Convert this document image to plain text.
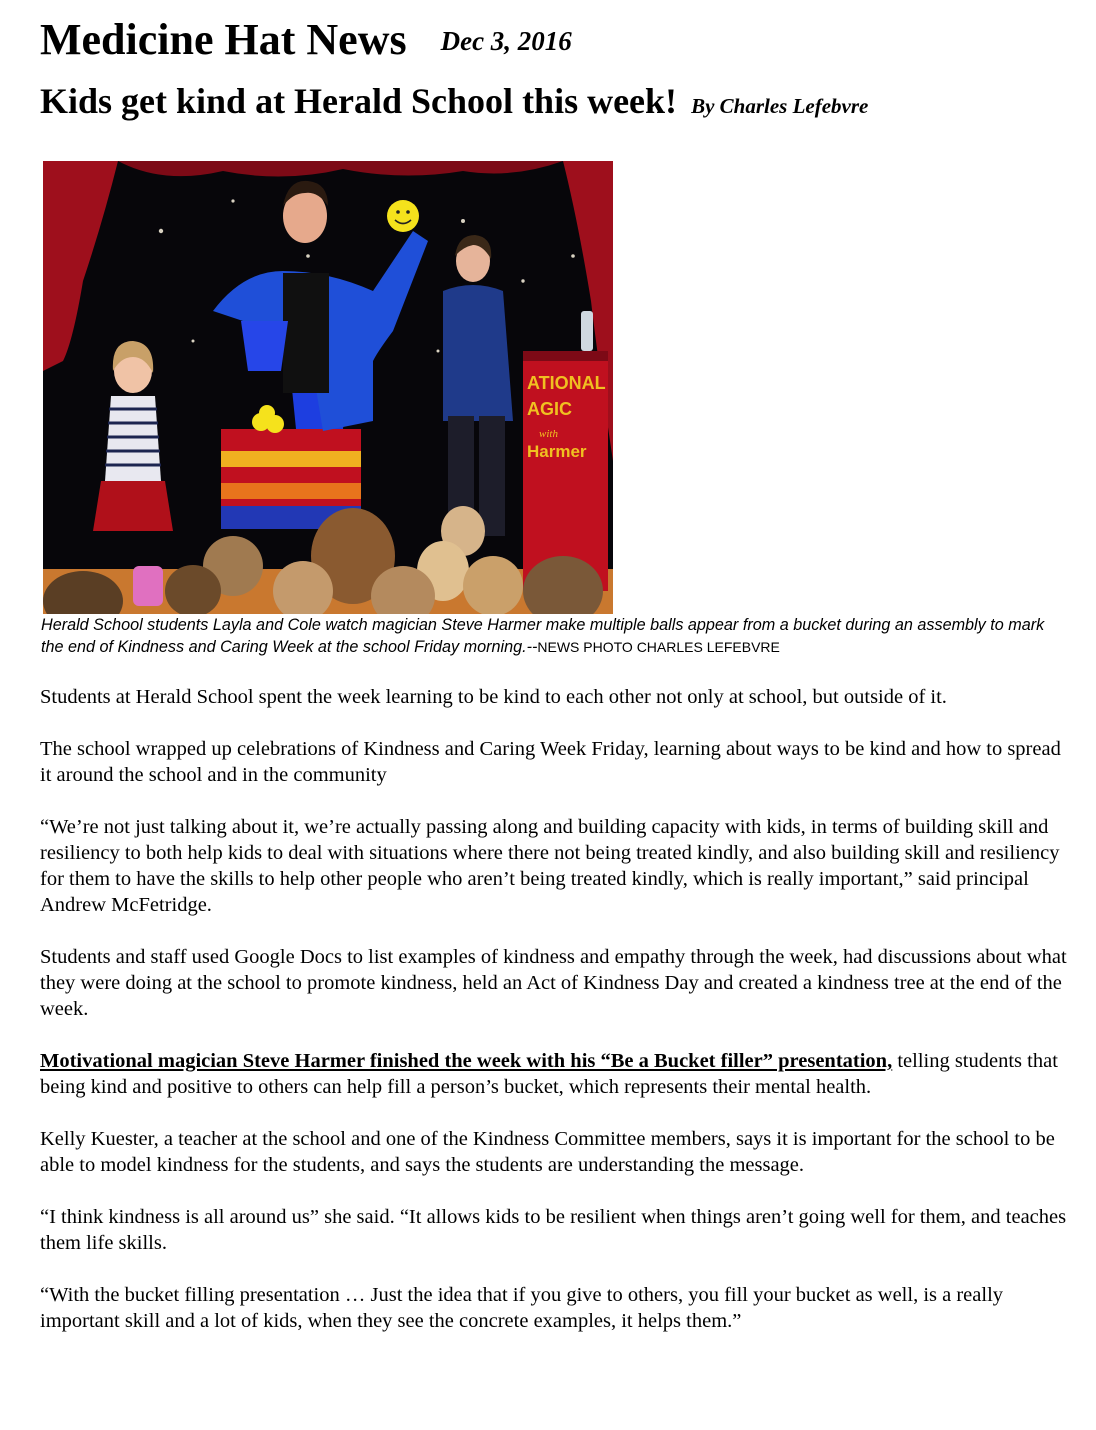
Medicine Hat News Dec 3, 2016
Kids get kind at Herald School this week! By Charles Lefebvre
ATIONAL
AGIC
with
Harmer
Herald School students Layla and Cole watch magician Steve Harmer make multiple balls appear from a bucket during an assembly to mark the end of Kindness and Caring Week at the school Friday morning.--NEWS PHOTO CHARLES LEFEBVRE

Students at Herald School spent the week learning to be kind to each other not only at school, but outside of it.

The school wrapped up celebrations of Kindness and Caring Week Friday, learning about ways to be kind and how to spread it around the school and in the community

“We’re not just talking about it, we’re actually passing along and building capacity with kids, in terms of building skill and resiliency to both help kids to deal with situations where there not being treated kindly, and also building skill and resiliency for them to have the skills to help other people who aren’t being treated kindly, which is really important,” said principal Andrew McFetridge.

Students and staff used Google Docs to list examples of kindness and empathy through the week, had discussions about what they were doing at the school to promote kindness, held an Act of Kindness Day and created a kindness tree at the end of the week.

Motivational magician Steve Harmer finished the week with his “Be a Bucket filler” presentation, telling students that being kind and positive to others can help fill a person’s bucket, which represents their mental health.

Kelly Kuester, a teacher at the school and one of the Kindness Committee members, says it is important for the school to be able to model kindness for the students, and says the students are understanding the message.

“I think kindness is all around us” she said. “It allows kids to be resilient when things aren’t going well for them, and teaches them life skills.

“With the bucket filling presentation … Just the idea that if you give to others, you fill your bucket as well, is a really important skill and a lot of kids, when they see the concrete examples, it helps them.”
